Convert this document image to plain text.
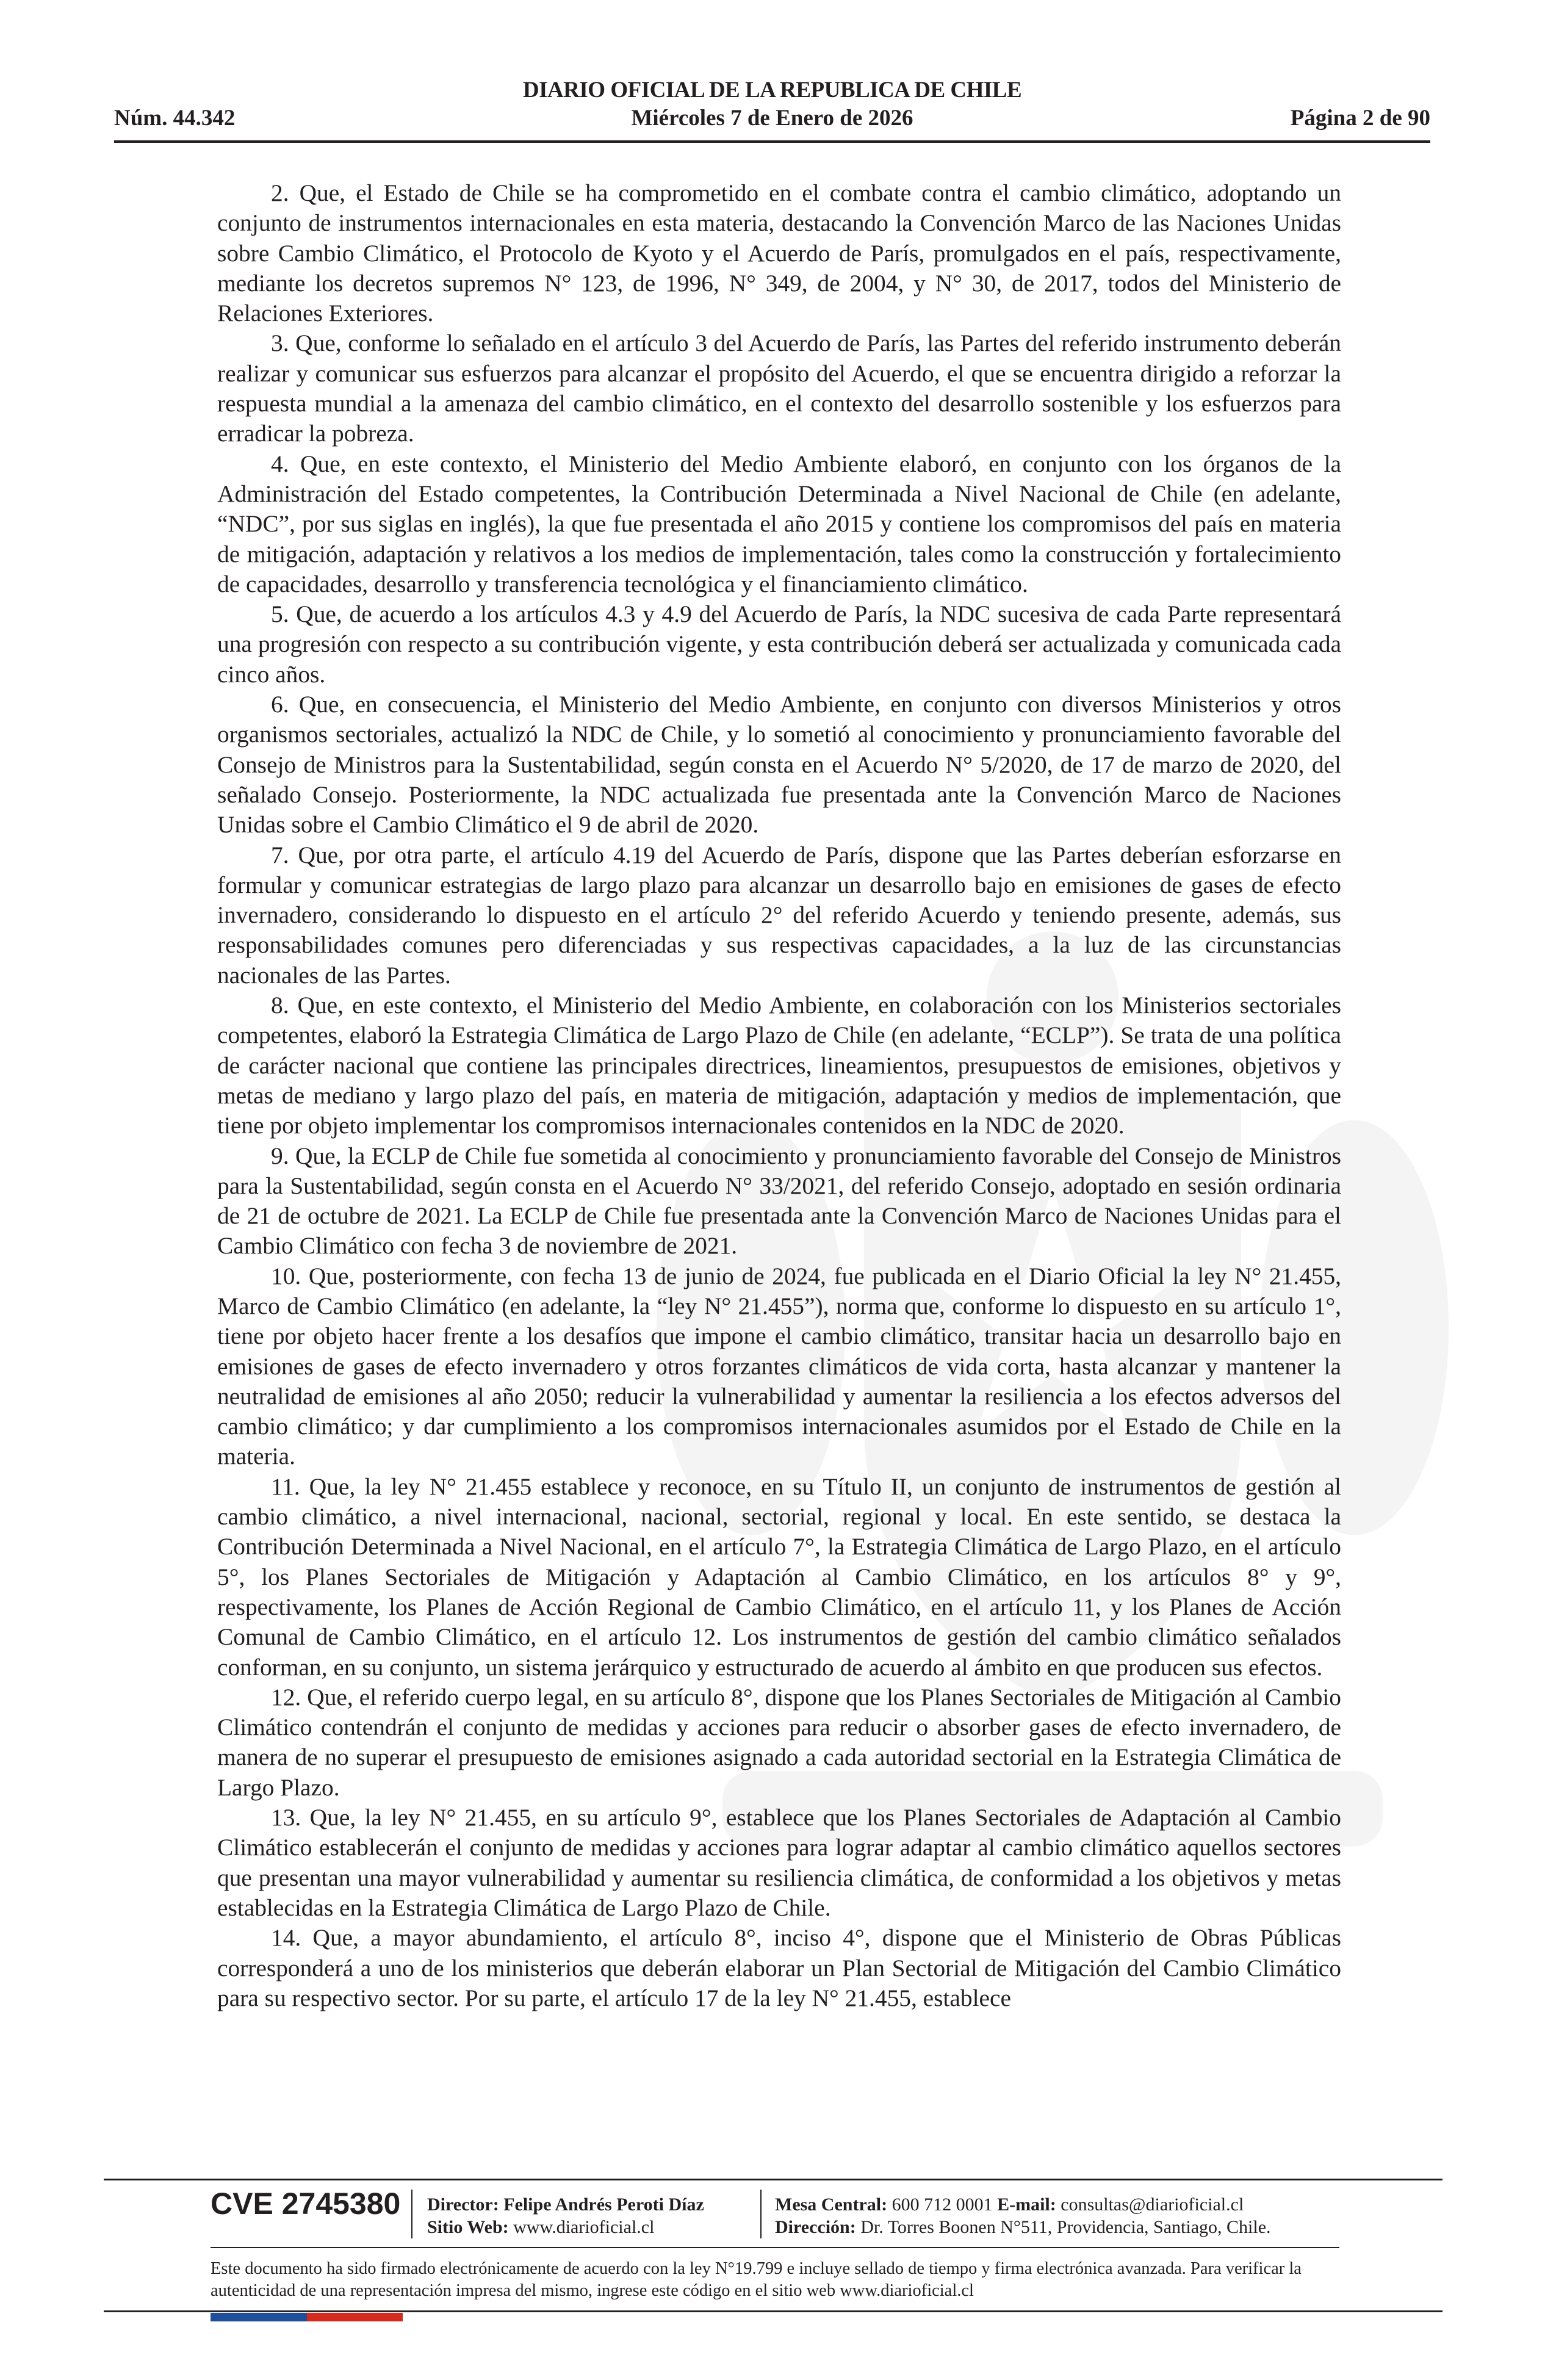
DIARIO OFICIAL DE LA REPUBLICA DE CHILE
Núm. 44.342	Miércoles 7 de Enero de 2026	Página 2 de 90

2. Que, el Estado de Chile se ha comprometido en el combate contra el cambio climático, adoptando un conjunto de instrumentos internacionales en esta materia, destacando la Convención Marco de las Naciones Unidas sobre Cambio Climático, el Protocolo de Kyoto y el Acuerdo de París, promulgados en el país, respectivamente, mediante los decretos supremos N° 123, de 1996, N° 349, de 2004, y N° 30, de 2017, todos del Ministerio de Relaciones Exteriores.

3. Que, conforme lo señalado en el artículo 3 del Acuerdo de París, las Partes del referido instrumento deberán realizar y comunicar sus esfuerzos para alcanzar el propósito del Acuerdo, el que se encuentra dirigido a reforzar la respuesta mundial a la amenaza del cambio climático, en el contexto del desarrollo sostenible y los esfuerzos para erradicar la pobreza.

4. Que, en este contexto, el Ministerio del Medio Ambiente elaboró, en conjunto con los órganos de la Administración del Estado competentes, la Contribución Determinada a Nivel Nacional de Chile (en adelante, “NDC”, por sus siglas en inglés), la que fue presentada el año 2015 y contiene los compromisos del país en materia de mitigación, adaptación y relativos a los medios de implementación, tales como la construcción y fortalecimiento de capacidades, desarrollo y transferencia tecnológica y el financiamiento climático.

5. Que, de acuerdo a los artículos 4.3 y 4.9 del Acuerdo de París, la NDC sucesiva de cada Parte representará una progresión con respecto a su contribución vigente, y esta contribución deberá ser actualizada y comunicada cada cinco años.

6. Que, en consecuencia, el Ministerio del Medio Ambiente, en conjunto con diversos Ministerios y otros organismos sectoriales, actualizó la NDC de Chile, y lo sometió al conocimiento y pronunciamiento favorable del Consejo de Ministros para la Sustentabilidad, según consta en el Acuerdo N° 5/2020, de 17 de marzo de 2020, del señalado Consejo. Posteriormente, la NDC actualizada fue presentada ante la Convención Marco de Naciones Unidas sobre el Cambio Climático el 9 de abril de 2020.

7. Que, por otra parte, el artículo 4.19 del Acuerdo de París, dispone que las Partes deberían esforzarse en formular y comunicar estrategias de largo plazo para alcanzar un desarrollo bajo en emisiones de gases de efecto invernadero, considerando lo dispuesto en el artículo 2° del referido Acuerdo y teniendo presente, además, sus responsabilidades comunes pero diferenciadas y sus respectivas capacidades, a la luz de las circunstancias nacionales de las Partes.

8. Que, en este contexto, el Ministerio del Medio Ambiente, en colaboración con los Ministerios sectoriales competentes, elaboró la Estrategia Climática de Largo Plazo de Chile (en adelante, “ECLP”). Se trata de una política de carácter nacional que contiene las principales directrices, lineamientos, presupuestos de emisiones, objetivos y metas de mediano y largo plazo del país, en materia de mitigación, adaptación y medios de implementación, que tiene por objeto implementar los compromisos internacionales contenidos en la NDC de 2020.

9. Que, la ECLP de Chile fue sometida al conocimiento y pronunciamiento favorable del Consejo de Ministros para la Sustentabilidad, según consta en el Acuerdo N° 33/2021, del referido Consejo, adoptado en sesión ordinaria de 21 de octubre de 2021. La ECLP de Chile fue presentada ante la Convención Marco de Naciones Unidas para el Cambio Climático con fecha 3 de noviembre de 2021.

10. Que, posteriormente, con fecha 13 de junio de 2024, fue publicada en el Diario Oficial la ley N° 21.455, Marco de Cambio Climático (en adelante, la “ley N° 21.455”), norma que, conforme lo dispuesto en su artículo 1°, tiene por objeto hacer frente a los desafíos que impone el cambio climático, transitar hacia un desarrollo bajo en emisiones de gases de efecto invernadero y otros forzantes climáticos de vida corta, hasta alcanzar y mantener la neutralidad de emisiones al año 2050; reducir la vulnerabilidad y aumentar la resiliencia a los efectos adversos del cambio climático; y dar cumplimiento a los compromisos internacionales asumidos por el Estado de Chile en la materia.

11. Que, la ley N° 21.455 establece y reconoce, en su Título II, un conjunto de instrumentos de gestión al cambio climático, a nivel internacional, nacional, sectorial, regional y local. En este sentido, se destaca la Contribución Determinada a Nivel Nacional, en el artículo 7°, la Estrategia Climática de Largo Plazo, en el artículo 5°, los Planes Sectoriales de Mitigación y Adaptación al Cambio Climático, en los artículos 8° y 9°, respectivamente, los Planes de Acción Regional de Cambio Climático, en el artículo 11, y los Planes de Acción Comunal de Cambio Climático, en el artículo 12. Los instrumentos de gestión del cambio climático señalados conforman, en su conjunto, un sistema jerárquico y estructurado de acuerdo al ámbito en que producen sus efectos.

12. Que, el referido cuerpo legal, en su artículo 8°, dispone que los Planes Sectoriales de Mitigación al Cambio Climático contendrán el conjunto de medidas y acciones para reducir o absorber gases de efecto invernadero, de manera de no superar el presupuesto de emisiones asignado a cada autoridad sectorial en la Estrategia Climática de Largo Plazo.

13. Que, la ley N° 21.455, en su artículo 9°, establece que los Planes Sectoriales de Adaptación al Cambio Climático establecerán el conjunto de medidas y acciones para lograr adaptar al cambio climático aquellos sectores que presentan una mayor vulnerabilidad y aumentar su resiliencia climática, de conformidad a los objetivos y metas establecidas en la Estrategia Climática de Largo Plazo de Chile.

14. Que, a mayor abundamiento, el artículo 8°, inciso 4°, dispone que el Ministerio de Obras Públicas corresponderá a uno de los ministerios que deberán elaborar un Plan Sectorial de Mitigación del Cambio Climático para su respectivo sector. Por su parte, el artículo 17 de la ley N° 21.455, establece

CVE 2745380 Director: Felipe Andrés Peroti Díaz
Sitio Web: www.diarioficial.cl
Mesa Central: 600 712 0001 E-mail: consultas@diarioficial.cl
Dirección: Dr. Torres Boonen N°511, Providencia, Santiago, Chile.
Este documento ha sido firmado electrónicamente de acuerdo con la ley N°19.799 e incluye sellado de tiempo y firma electrónica avanzada. Para verificar la autenticidad de una representación impresa del mismo, ingrese este código en el sitio web www.diarioficial.cl
